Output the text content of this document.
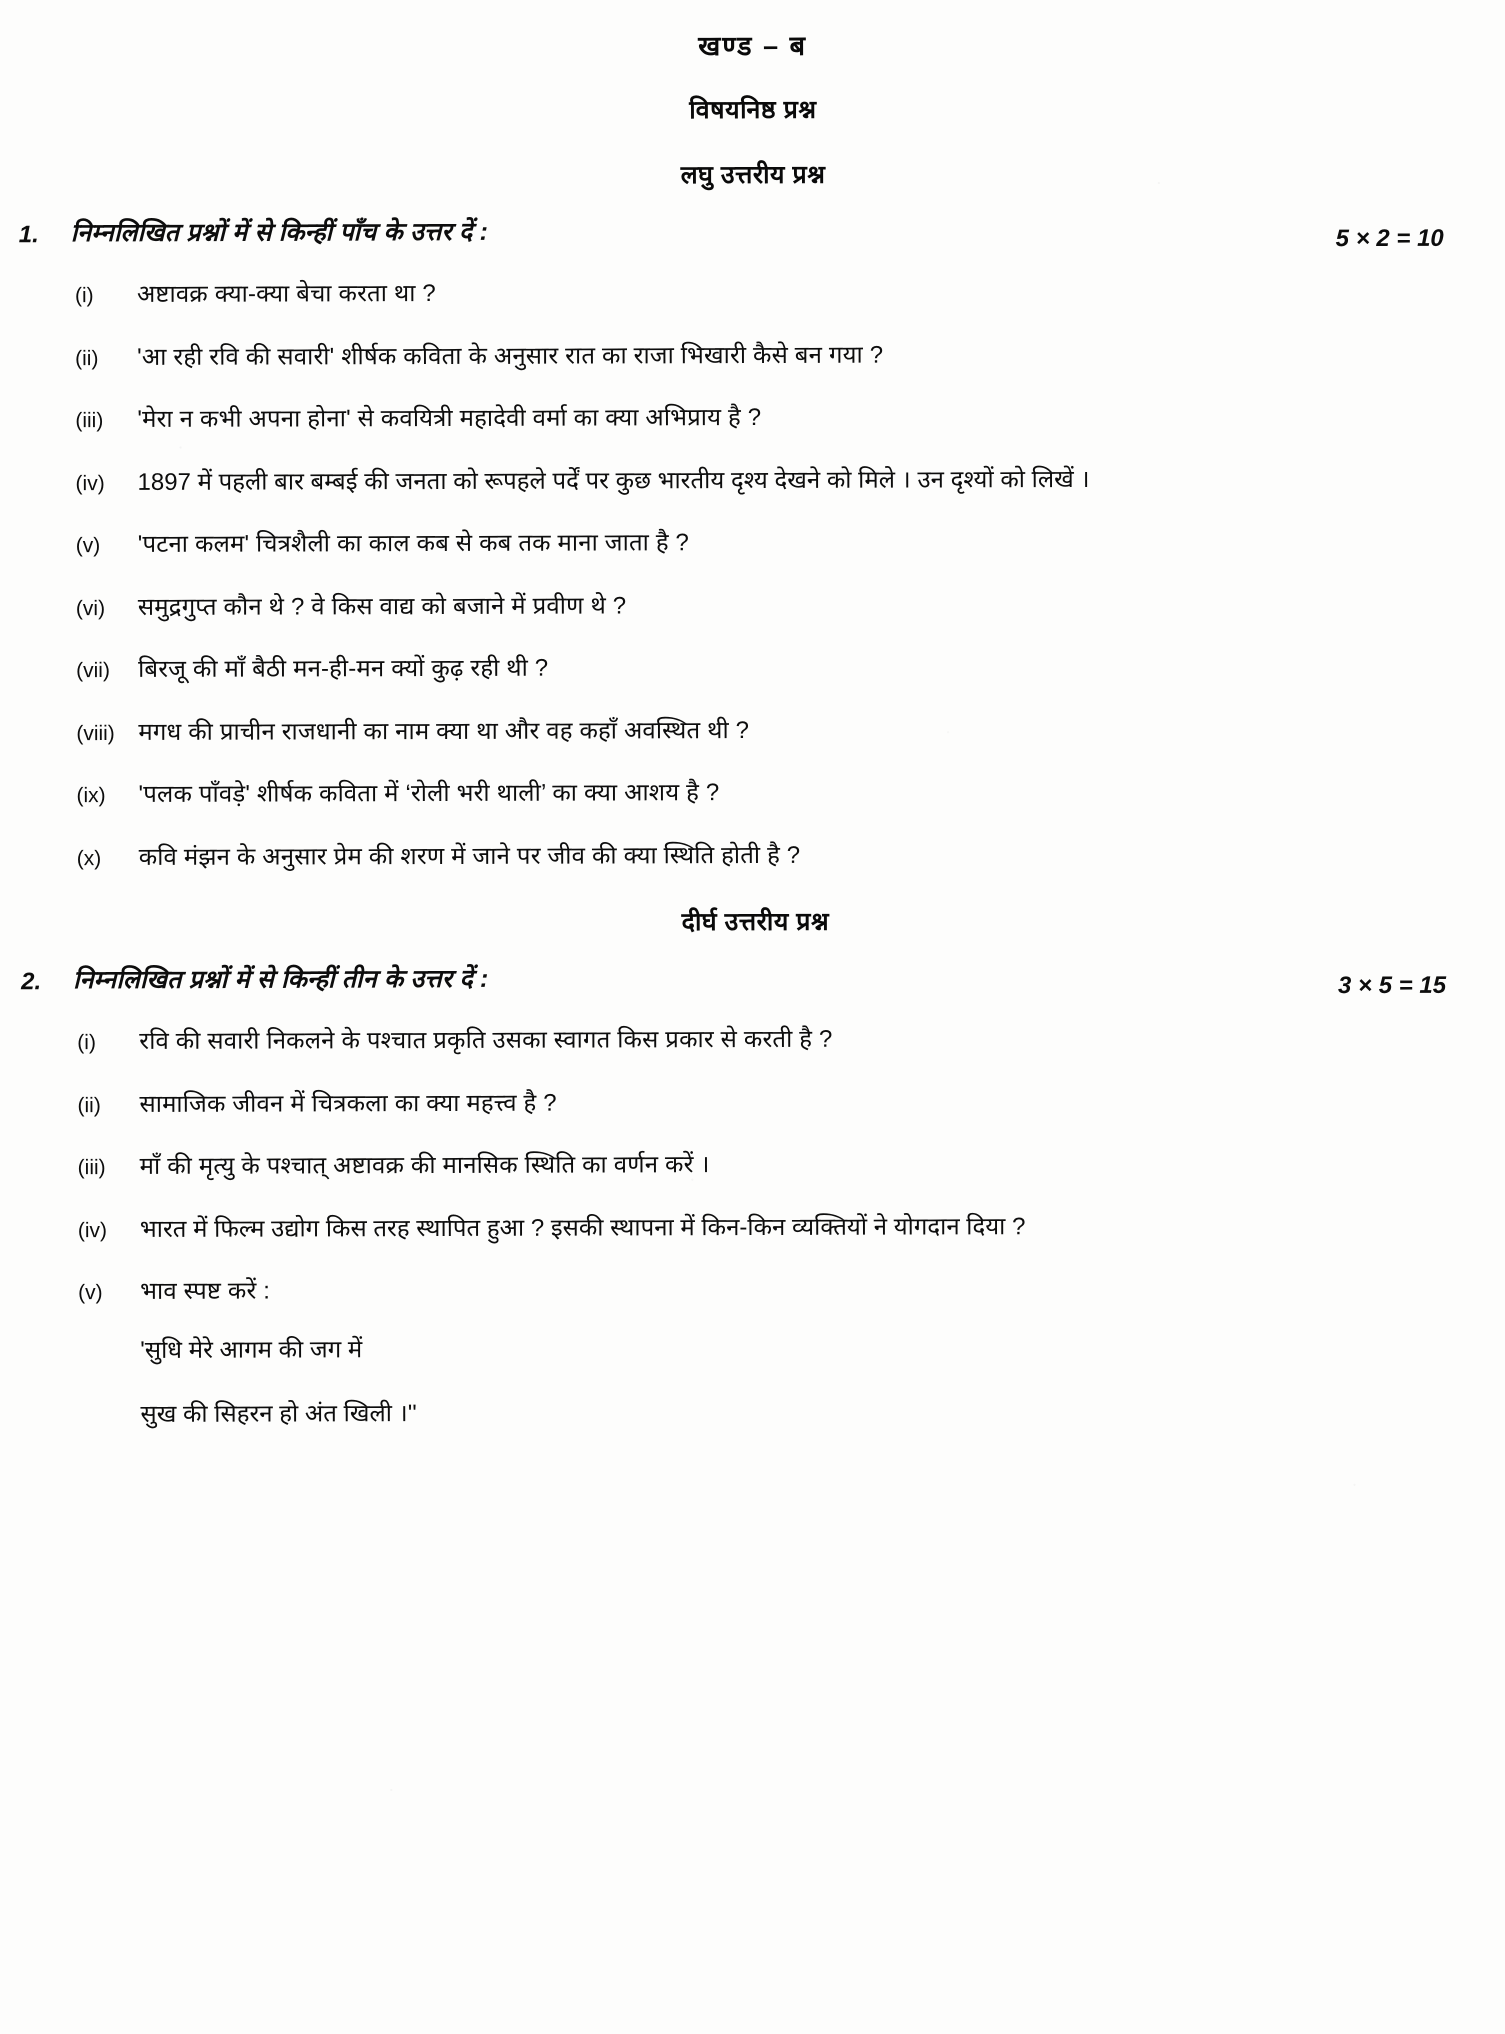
खण्ड – ब
विषयनिष्ठ प्रश्न
लघु उत्तरीय प्रश्न
1.	निम्नलिखित प्रश्नों में से किन्हीं पाँच के उत्तर दें :	5 × 2 = 10
(i)	अष्टावक्र क्या-क्या बेचा करता था ?
(ii)	'आ रही रवि की सवारी' शीर्षक कविता के अनुसार रात का राजा भिखारी कैसे बन गया ?
(iii)	'मेरा न कभी अपना होना' से कवयित्री महादेवी वर्मा का क्या अभिप्राय है ?
(iv)	1897 में पहली बार बम्बई की जनता को रूपहले पर्दें पर कुछ भारतीय दृश्य देखने को मिले । उन दृश्यों को लिखें ।
(v)	'पटना कलम' चित्रशैली का काल कब से कब तक माना जाता है ?
(vi)	समुद्रगुप्त कौन थे ? वे किस वाद्य को बजाने में प्रवीण थे ?
(vii)	बिरजू की माँ बैठी मन-ही-मन क्यों कुढ़ रही थी ?
(viii) मगध की प्राचीन राजधानी का नाम क्या था और वह कहाँ अवस्थित थी ?
(ix)	'पलक पाँवड़े' शीर्षक कविता में ‘रोली भरी थाली’ का क्या आशय है ?
(x)	कवि मंझन के अनुसार प्रेम की शरण में जाने पर जीव की क्या स्थिति होती है ?
दीर्घ उत्तरीय प्रश्न
2.	निम्नलिखित प्रश्नों में से किन्हीं तीन के उत्तर दें :	3 × 5 = 15
(i)	रवि की सवारी निकलने के पश्चात प्रकृति उसका स्वागत किस प्रकार से करती है ?
(ii)	सामाजिक जीवन में चित्रकला का क्या महत्त्व है ?
(iii)	माँ की मृत्यु के पश्चात् अष्टावक्र की मानसिक स्थिति का वर्णन करें ।
(iv)	भारत में फिल्म उद्योग किस तरह स्थापित हुआ ? इसकी स्थापना में किन-किन व्यक्तियों ने योगदान दिया ?
(v)	भाव स्पष्ट करें :
'सुधि मेरे आगम की जग में
सुख की सिहरन हो अंत खिली ।''
